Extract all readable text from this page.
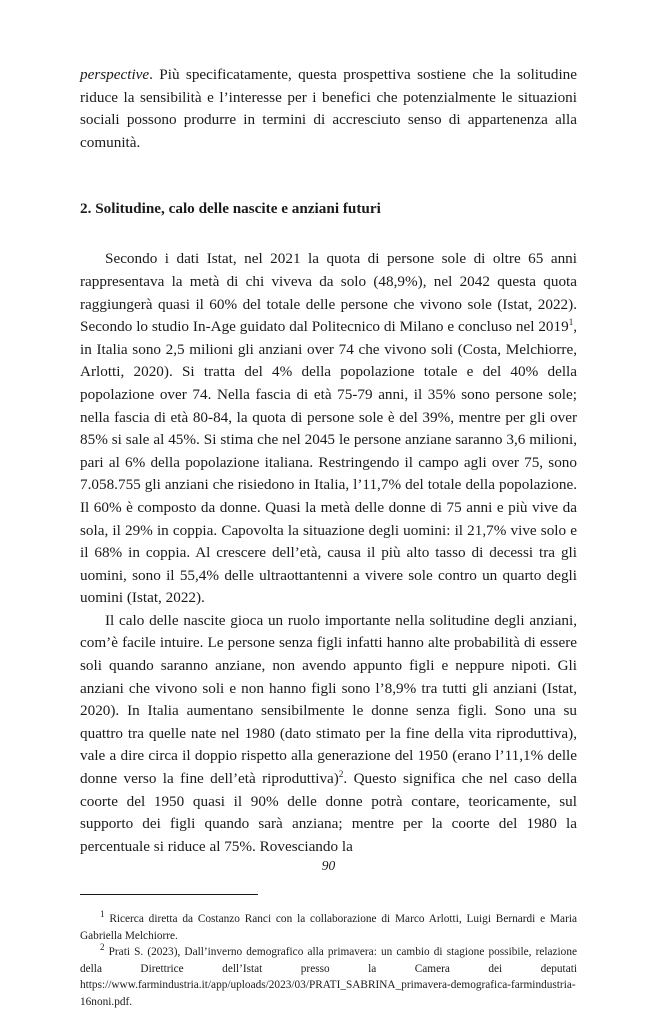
perspective. Più specificatamente, questa prospettiva sostiene che la solitudine riduce la sensibilità e l’interesse per i benefici che potenzialmente le situazioni sociali possono produrre in termini di accresciuto senso di appartenenza alla comunità.

2. Solitudine, calo delle nascite e anziani futuri

Secondo i dati Istat, nel 2021 la quota di persone sole di oltre 65 anni rappresentava la metà di chi viveva da solo (48,9%), nel 2042 questa quota raggiungerà quasi il 60% del totale delle persone che vivono sole (Istat, 2022). Secondo lo studio In-Age guidato dal Politecnico di Milano e concluso nel 2019$^1$, in Italia sono 2,5 milioni gli anziani over 74 che vivono soli (Costa, Melchiorre, Arlotti, 2020). Si tratta del 4% della popolazione totale e del 40% della popolazione over 74. Nella fascia di età 75-79 anni, il 35% sono persone sole; nella fascia di età 80-84, la quota di persone sole è del 39%, mentre per gli over 85% si sale al 45%. Si stima che nel 2045 le persone anziane saranno 3,6 milioni, pari al 6% della popolazione italiana. Restringendo il campo agli over 75, sono 7.058.755 gli anziani che risiedono in Italia, l’11,7% del totale della popolazione. Il 60% è composto da donne. Quasi la metà delle donne di 75 anni e più vive da sola, il 29% in coppia. Capovolta la situazione degli uomini: il 21,7% vive solo e il 68% in coppia. Al crescere dell’età, causa il più alto tasso di decessi tra gli uomini, sono il 55,4% delle ultraottantenni a vivere sole contro un quarto degli uomini (Istat, 2022).

Il calo delle nascite gioca un ruolo importante nella solitudine degli anziani, com’è facile intuire. Le persone senza figli infatti hanno alte probabilità di essere soli quando saranno anziane, non avendo appunto figli e neppure nipoti. Gli anziani che vivono soli e non hanno figli sono l’8,9% tra tutti gli anziani (Istat, 2020). In Italia aumentano sensibilmente le donne senza figli. Sono una su quattro tra quelle nate nel 1980 (dato stimato per la fine della vita riproduttiva), vale a dire circa il doppio rispetto alla generazione del 1950 (erano l’11,1% delle donne verso la fine dell’età riproduttiva)$^2$. Questo significa che nel caso della coorte del 1950 quasi il 90% delle donne potrà contare, teoricamente, sul supporto dei figli quando sarà anziana; mentre per la coorte del 1980 la percentuale si riduce al 75%. Rovesciando la

$^1$ Ricerca diretta da Costanzo Ranci con la collaborazione di Marco Arlotti, Luigi Bernardi e Maria Gabriella Melchiorre.

$^2$ Prati S. (2023), Dall’inverno demografico alla primavera: un cambio di stagione possibile, relazione della Direttrice dell’Istat presso la Camera dei deputati https://www.farmindustria.it/app/uploads/2023/03/PRATI_SABRINA_primavera-demografica-farmindustria-16noni.pdf.

90
